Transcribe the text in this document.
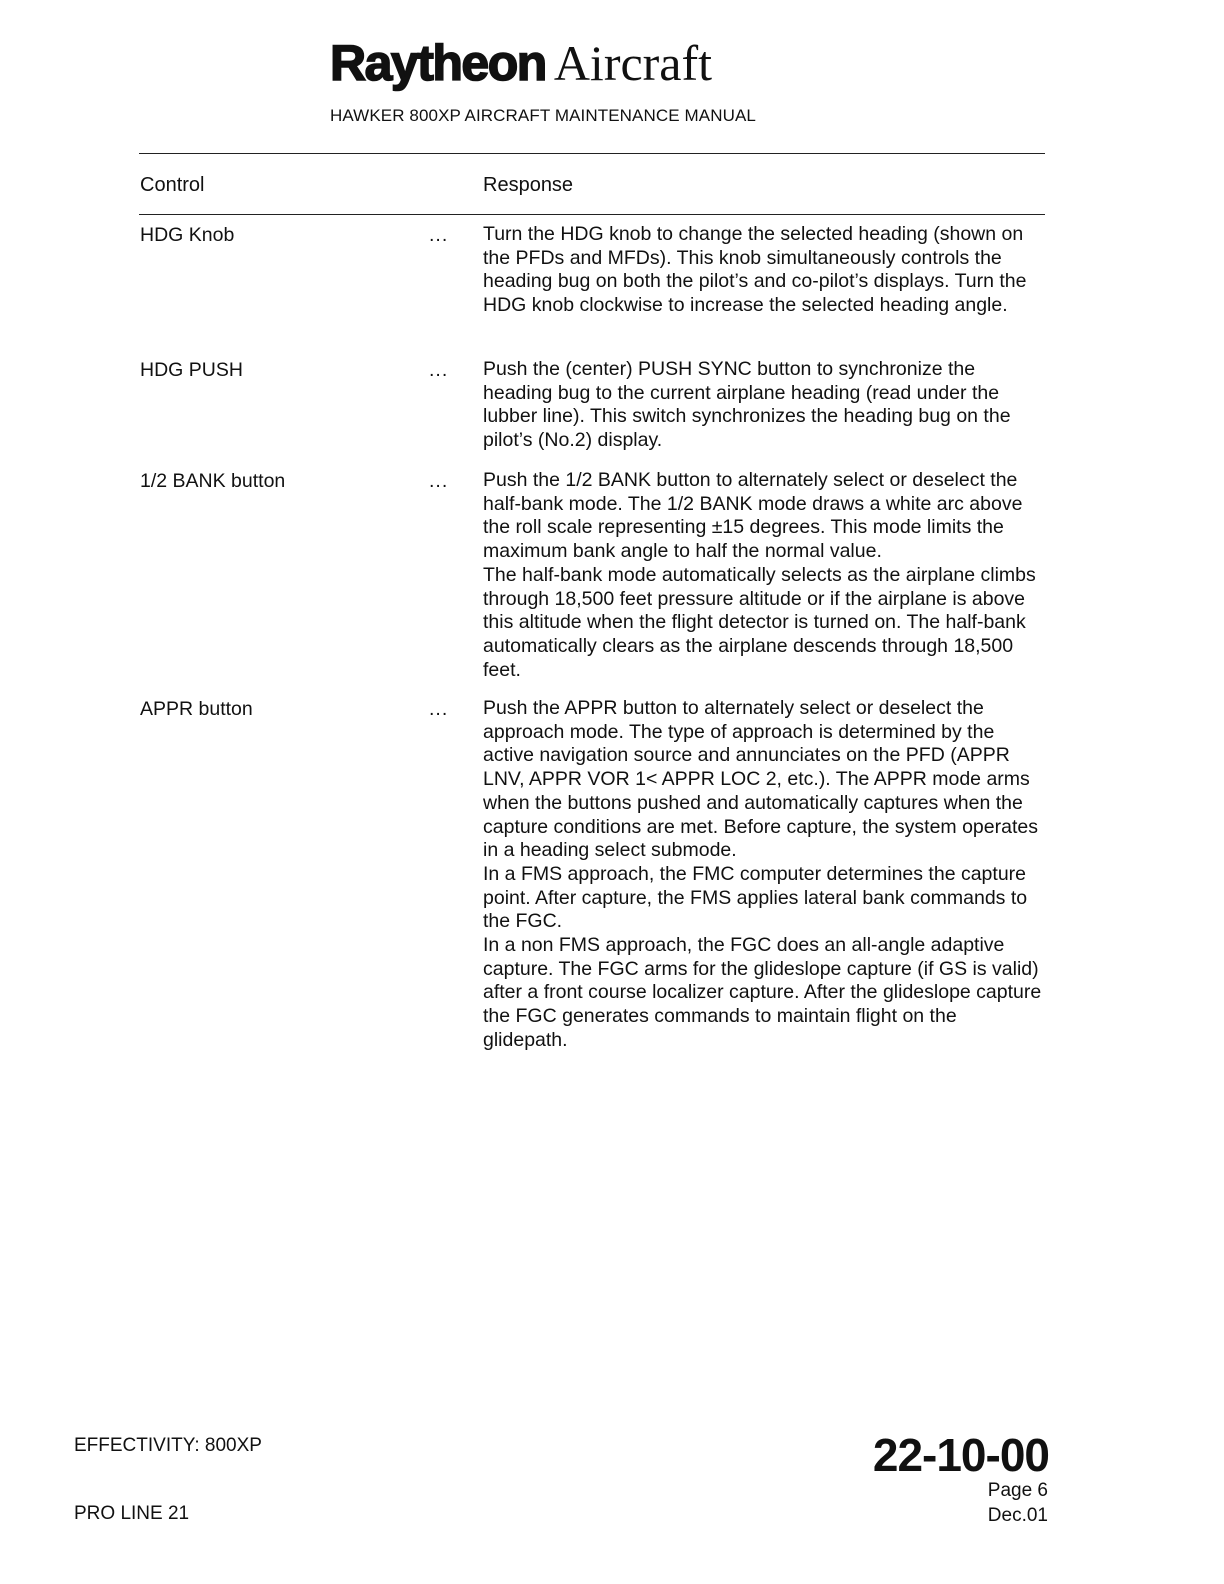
Raytheon Aircraft
HAWKER 800XP AIRCRAFT MAINTENANCE MANUAL
Control	Response
HDG Knob	... Turn the HDG knob to change the selected heading (shown on the PFDs and MFDs). This knob simultaneously controls the heading bug on both the pilot’s and co-pilot’s displays. Turn the HDG knob clockwise to increase the selected heading angle.

HDG PUSH	... Push the (center) PUSH SYNC button to synchronize the heading bug to the current airplane heading (read under the lubber line). This switch synchronizes the heading bug on the pilot’s (No.2) display.

1/2 BANK button	... Push the 1/2 BANK button to alternately select or deselect the half-bank mode. The 1/2 BANK mode draws a white arc above the roll scale representing ±15 degrees. This mode limits the maximum bank angle to half the normal value.

The half-bank mode automatically selects as the airplane climbs through 18,500 feet pressure altitude or if the airplane is above this altitude when the flight detector is turned on. The half-bank automatically clears as the airplane descends through 18,500 feet.

APPR button	... Push the APPR button to alternately select or deselect the approach mode. The type of approach is determined by the active navigation source and annunciates on the PFD (APPR LNV, APPR VOR 1< APPR LOC 2, etc.). The APPR mode arms when the buttons pushed and automatically captures when the capture conditions are met. Before capture, the system operates in a heading select submode.

In a FMS approach, the FMC computer determines the capture point. After capture, the FMS applies lateral bank commands to the FGC.

In a non FMS approach, the FGC does an all-angle adaptive capture. The FGC arms for the glideslope capture (if GS is valid) after a front course localizer capture. After the glideslope capture the FGC generates commands to maintain flight on the glidepath.

EFFECTIVITY: 800XP
PRO LINE 21
22-10-00
Page 6
Dec.01
